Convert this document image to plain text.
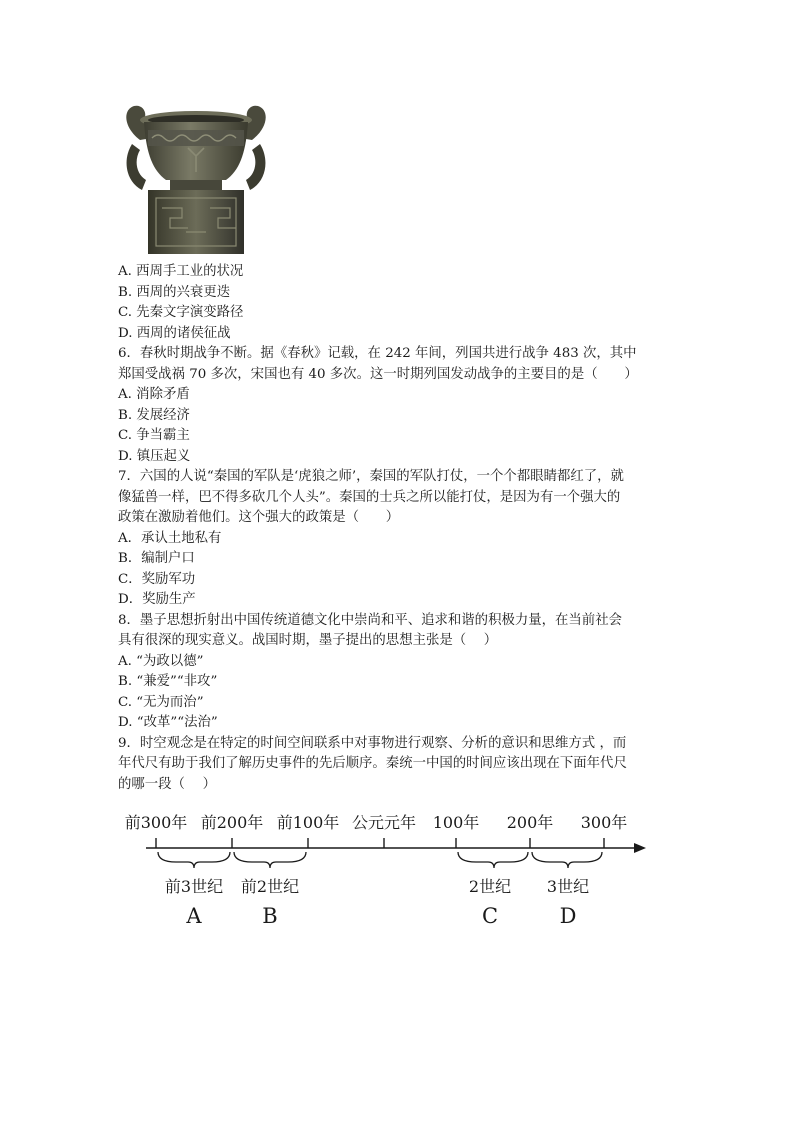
A. 西周手工业的状况
B. 西周的兴衰更迭
C. 先秦文字演变路径
D. 西周的诸侯征战
6．春秋时期战争不断。据《春秋》记载，在 242 年间，列国共进行战争 483 次，其中
郑国受战祸 70 多次，宋国也有 40 多次。这一时期列国发动战争的主要目的是（　　）
A. 消除矛盾
B. 发展经济
C. 争当霸主
D. 镇压起义
7．六国的人说“秦国的军队是‘虎狼之师’，秦国的军队打仗，一个个都眼睛都红了，就
像猛兽一样，巴不得多砍几个人头”。秦国的士兵之所以能打仗，是因为有一个强大的
政策在激励着他们。这个强大的政策是（　　）
A．承认土地私有
B．编制户口
C．奖励军功
D．奖励生产
8．墨子思想折射出中国传统道德文化中崇尚和平、追求和谐的积极力量，在当前社会
具有很深的现实意义。战国时期，墨子提出的思想主张是（　 ）
A. “为政以德”
B. “兼爱”“非攻”
C. “无为而治”
D. “改革”“法治”
9．时空观念是在特定的时间空间联系中对事物进行观察、分析的意识和思维方式 ，而
年代尺有助于我们了解历史事件的先后顺序。秦统一中国的时间应该出现在下面年代尺
的哪一段（　 ）
前300年 前200年 前100年 公元元年 100年 200年 300年
前3世纪 前2世纪	2世纪 3世纪
A	B	C	D
